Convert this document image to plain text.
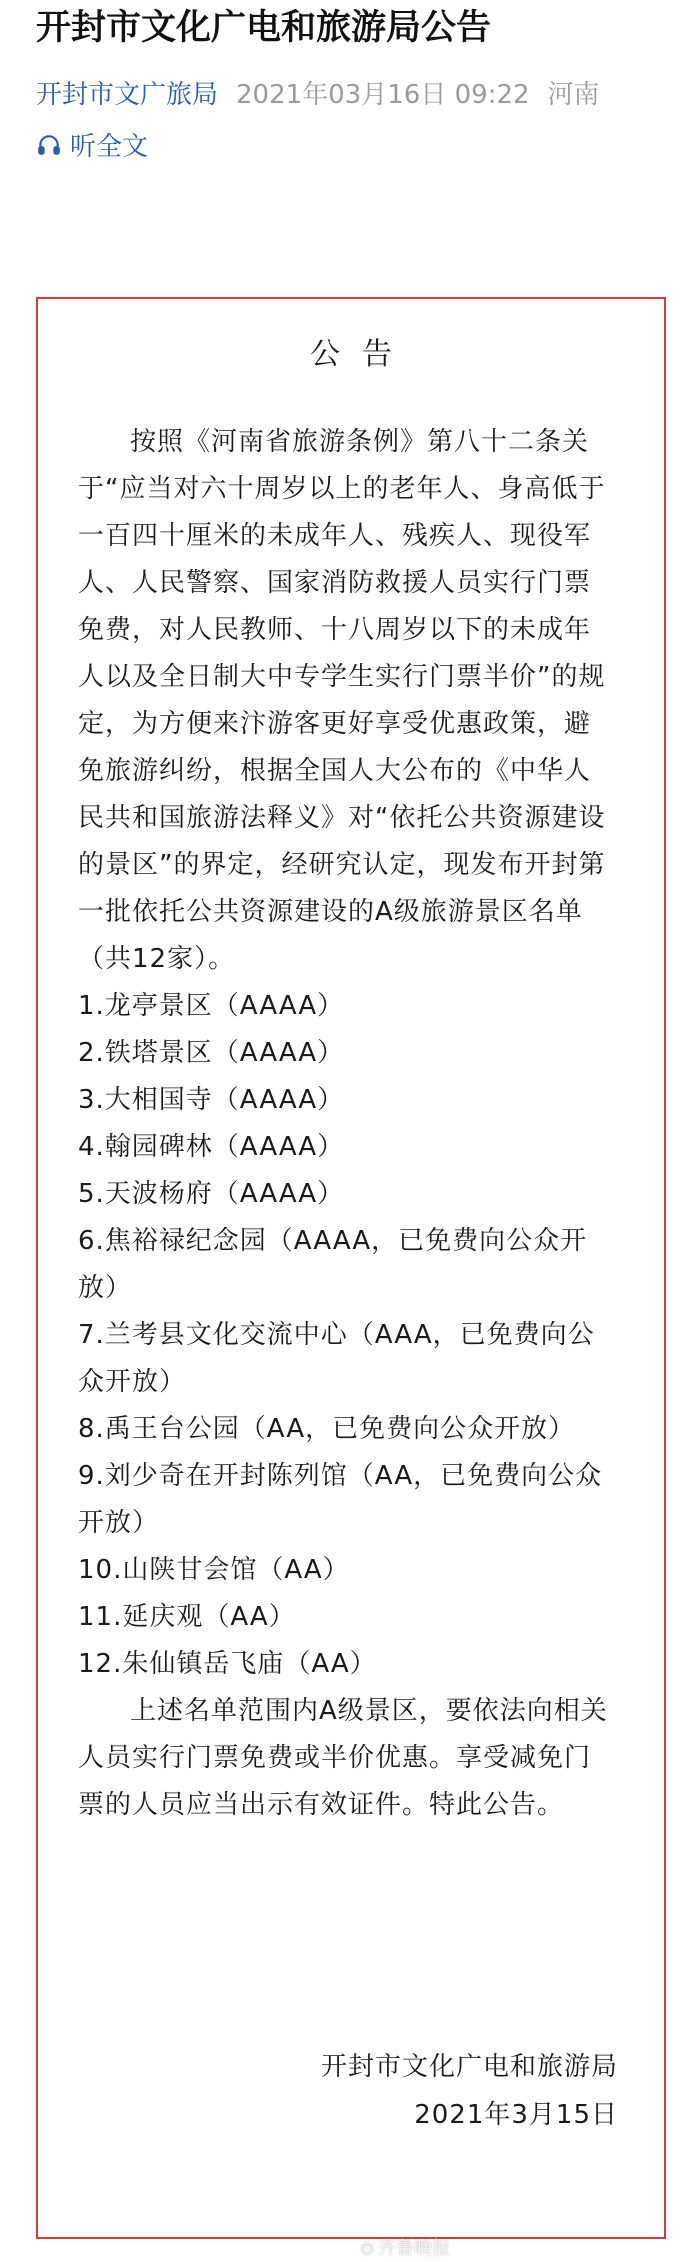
开封市文化广电和旅游局公告
开封市文广旅局 2021年03月16日 09:22 河南
听全文
公告

按照《河南省旅游条例》第八十二条关于“应当对六十周岁以上的老年人、身高低于一百四十厘米的未成年人、残疾人、现役军人、人民警察、国家消防救援人员实行门票免费，对人民教师、十八周岁以下的未成年人以及全日制大中专学生实行门票半价”的规定，为方便来汴游客更好享受优惠政策，避免旅游纠纷，根据全国人大公布的《中华人民共和国旅游法释义》对“依托公共资源建设的景区”的界定，经研究认定，现发布开封第一批依托公共资源建设的A级旅游景区名单（共12家）。

1.龙亭景区（AAAA）
2.铁塔景区（AAAA）
3.大相国寺（AAAA）
4.翰园碑林（AAAA）
5.天波杨府（AAAA）
6.焦裕禄纪念园（AAAA，已免费向公众开放）
7.兰考县文化交流中心（AAA，已免费向公众开放）
8.禹王台公园（AA，已免费向公众开放）
9.刘少奇在开封陈列馆（AA，已免费向公众开放）
10.山陕甘会馆（AA）
11.延庆观（AA）
12.朱仙镇岳飞庙（AA）

上述名单范围内A级景区，要依法向相关人员实行门票免费或半价优惠。享受减免门票的人员应当出示有效证件。特此公告。

开封市文化广电和旅游局
2021年3月15日
◉ 齐鲁晚报
